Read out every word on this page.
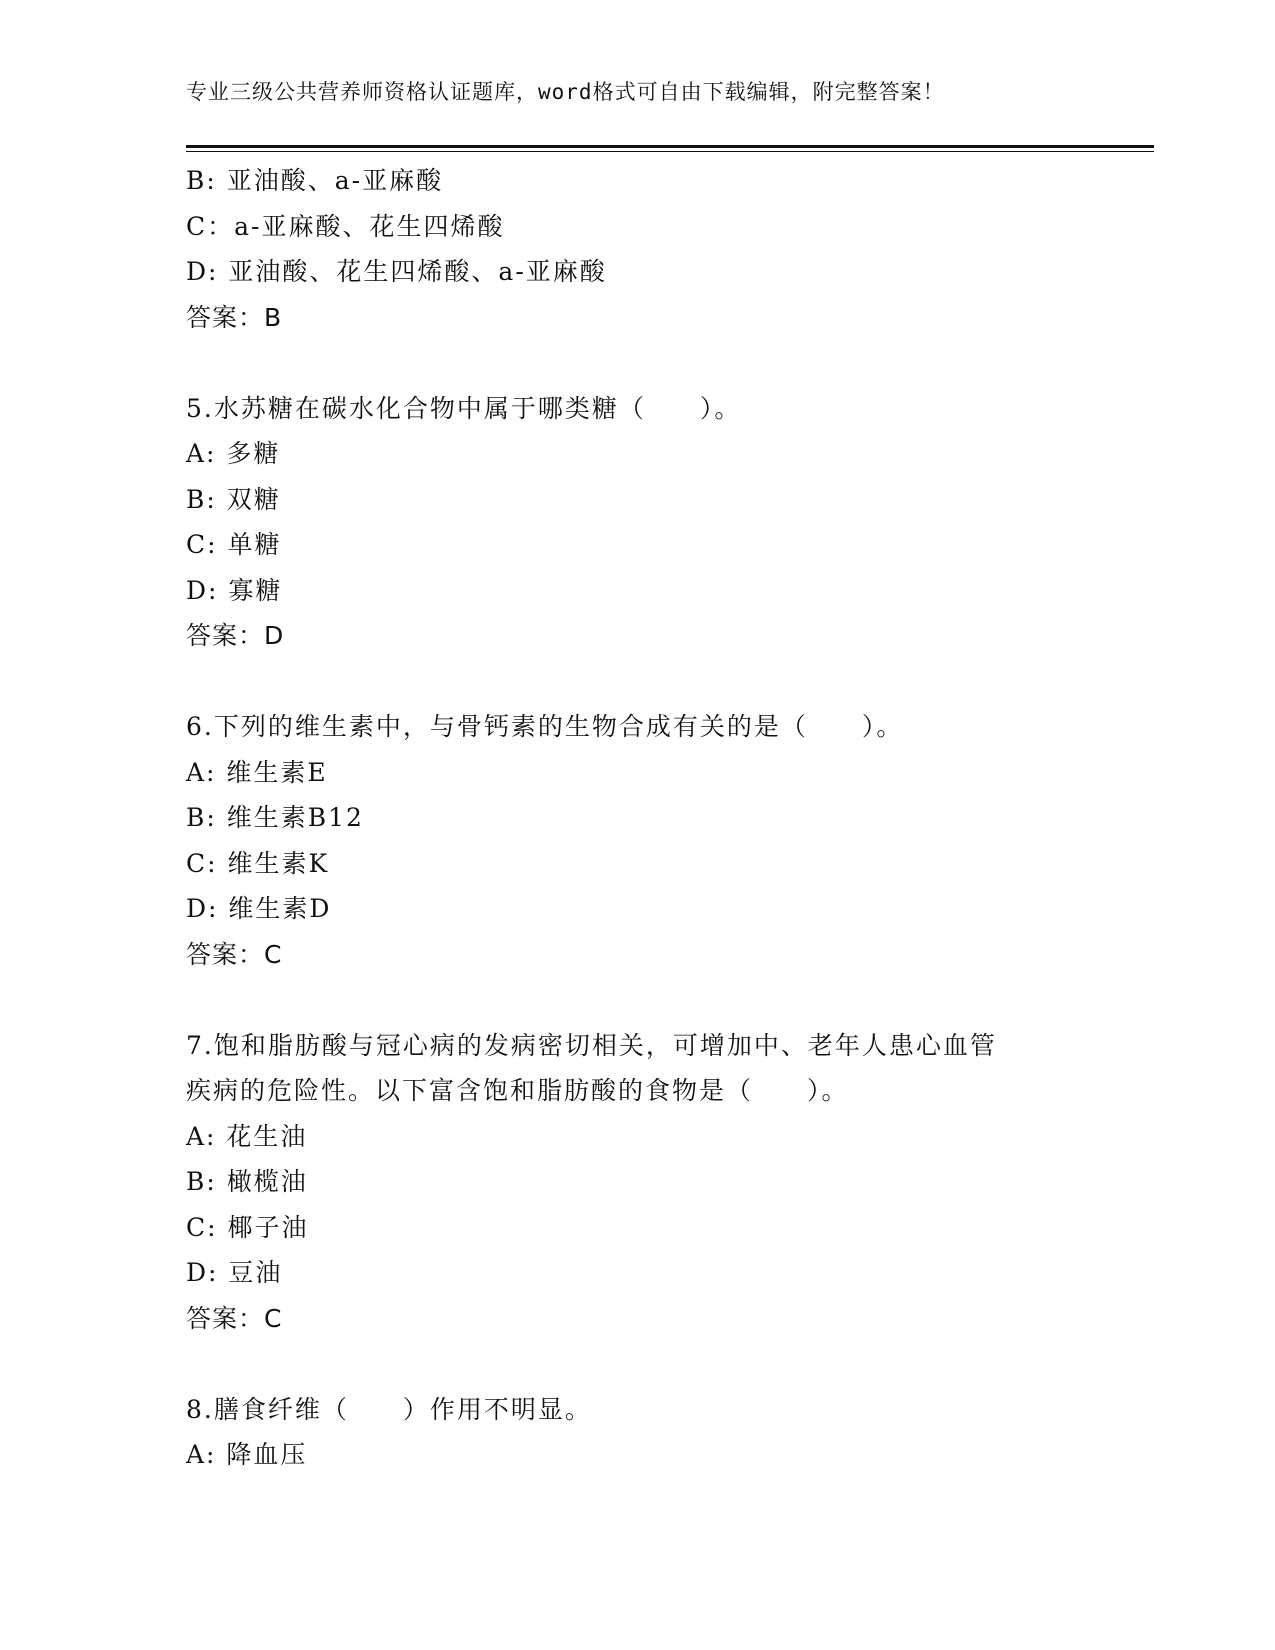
专业三级公共营养师资格认证题库，word格式可自由下载编辑，附完整答案！
B: 亚油酸、a-亚麻酸
C：a-亚麻酸、花生四烯酸
D: 亚油酸、花生四烯酸、a-亚麻酸
答案：B
5.水苏糖在碳水化合物中属于哪类糖（　　）。
A: 多糖
B: 双糖
C: 单糖
D: 寡糖
答案：D
6.下列的维生素中，与骨钙素的生物合成有关的是（　　）。
A: 维生素E
B: 维生素B12
C: 维生素K
D: 维生素D
答案：C
7.饱和脂肪酸与冠心病的发病密切相关，可增加中、老年人患心血管
疾病的危险性。以下富含饱和脂肪酸的食物是（　　）。
A: 花生油
B: 橄榄油
C: 椰子油
D: 豆油
答案：C
8.膳食纤维（　　）作用不明显。
A: 降血压
